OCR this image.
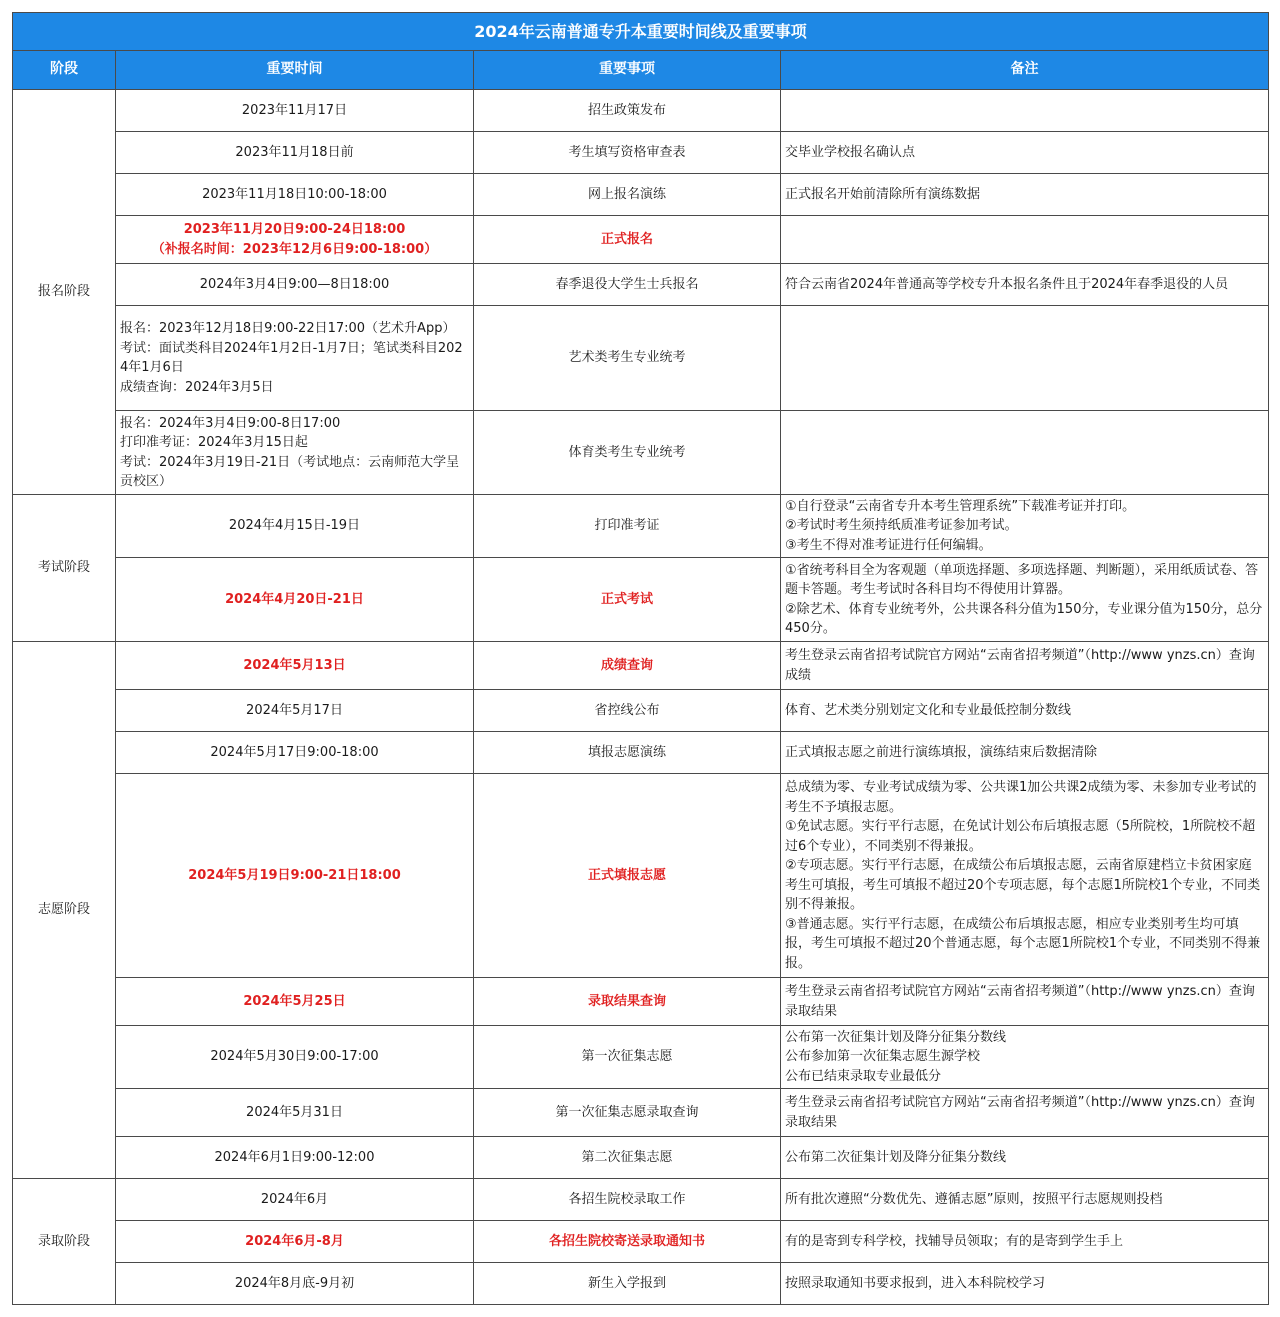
2024年云南普通专升本重要时间线及重要事项			
阶段	重要时间	重要事项	备注
报名阶段	2023年11月17日	招生政策发布	

	2023年11月18日前	考生填写资格审查表	交毕业学校报名确认点

	2023年11月18日10:00-18:00	网上报名演练	正式报名开始前清除所有演练数据

	2023年11月20日9:00-24日18:00
（补报名时间：2023年12月6日9:00-18:00）	正式报名	

	2024年3月4日9:00—8日18:00	春季退役大学生士兵报名	符合云南省2024年普通高等学校专升本报名条件且于2024年春季退役的人员

	报名：2023年12月18日9:00-22日17:00（艺术升App）
考试：面试类科目2024年1月2日-1月7日；笔试类科目2024年1月6日
成绩查询：2024年3月5日	艺术类考生专业统考	

	报名：2024年3月4日9:00-8日17:00
打印准考证：2024年3月15日起
考试：2024年3月19日-21日（考试地点：云南师范大学呈贡校区）	体育类考生专业统考	
考试阶段	2024年4月15日-19日	打印准考证	①自行登录“云南省专升本考生管理系统”下载准考证并打印。
②考试时考生须持纸质准考证参加考试。
③考生不得对准考证进行任何编辑。

	2024年4月20日-21日	正式考试	①省统考科目全为客观题（单项选择题、多项选择题、判断题），采用纸质试卷、答题卡答题。考生考试时各科目均不得使用计算器。
②除艺术、体育专业统考外，公共课各科分值为150分，专业课分值为150分，总分450分。

志愿阶段	2024年5月13日	成绩查询	考生登录云南省招考试院官方网站“云南省招考频道”（http://www ynzs.cn）查询成绩

	2024年5月17日	省控线公布	体育、艺术类分别划定文化和专业最低控制分数线

	2024年5月17日9:00-18:00	填报志愿演练	正式填报志愿之前进行演练填报，演练结束后数据清除

	2024年5月19日9:00-21日18:00	正式填报志愿	总成绩为零、专业考试成绩为零、公共课1加公共课2成绩为零、未参加专业考试的考生不予填报志愿。
①免试志愿。实行平行志愿，在免试计划公布后填报志愿（5所院校，1所院校不超过6个专业），不同类别不得兼报。
②专项志愿。实行平行志愿，在成绩公布后填报志愿，云南省原建档立卡贫困家庭考生可填报，考生可填报不超过20个专项志愿，每个志愿1所院校1个专业，不同类别不得兼报。
③普通志愿。实行平行志愿，在成绩公布后填报志愿，相应专业类别考生均可填报，考生可填报不超过20个普通志愿，每个志愿1所院校1个专业，不同类别不得兼报。

	2024年5月25日	录取结果查询	考生登录云南省招考试院官方网站“云南省招考频道”（http://www ynzs.cn）查询录取结果

	2024年5月30日9:00-17:00	第一次征集志愿	公布第一次征集计划及降分征集分数线
公布参加第一次征集志愿生源学校
公布已结束录取专业最低分

	2024年5月31日	第一次征集志愿录取查询	考生登录云南省招考试院官方网站“云南省招考频道”（http://www ynzs.cn）查询录取结果

	2024年6月1日9:00-12:00	第二次征集志愿	公布第二次征集计划及降分征集分数线

录取阶段	2024年6月	各招生院校录取工作	所有批次遵照“分数优先、遵循志愿”原则，按照平行志愿规则投档

	2024年6月-8月	各招生院校寄送录取通知书	有的是寄到专科学校，找辅导员领取；有的是寄到学生手上

	2024年8月底-9月初	新生入学报到	按照录取通知书要求报到，进入本科院校学习
